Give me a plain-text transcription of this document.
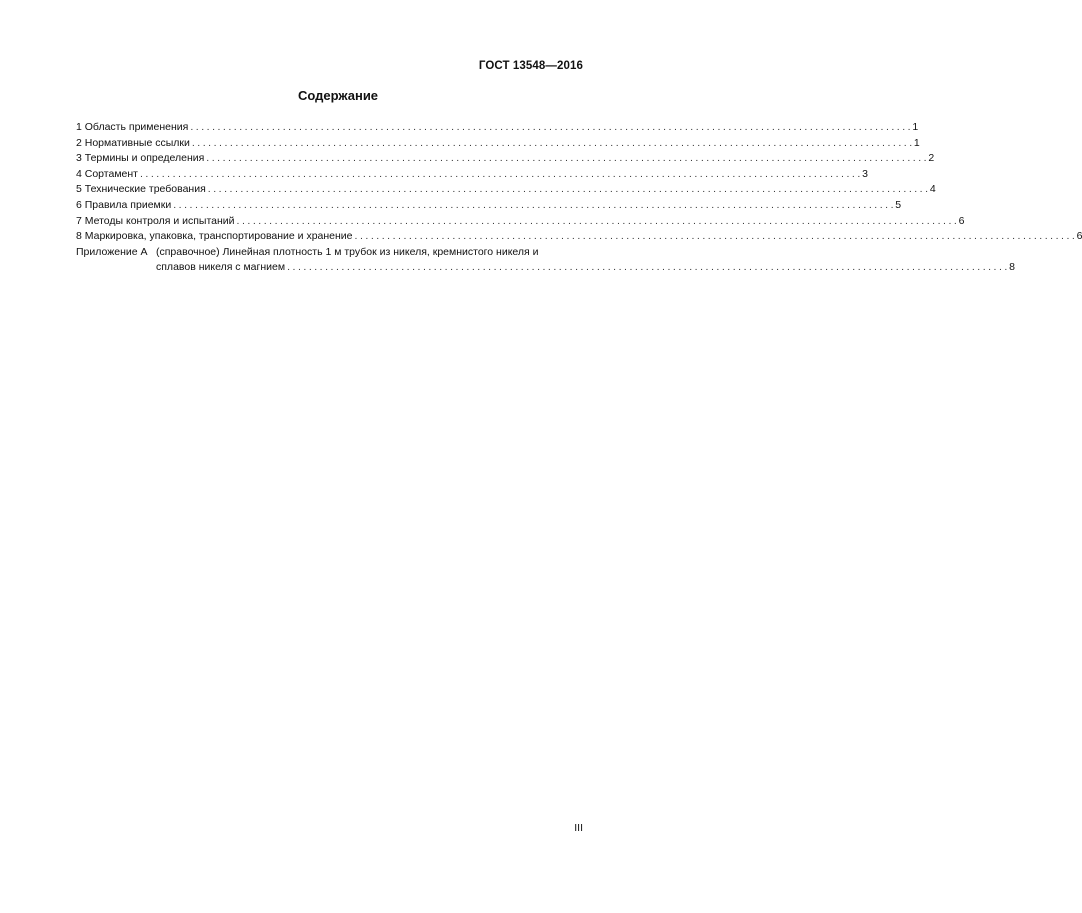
ГОСТ 13548—2016
Содержание
1 Область применения . . .	1
2 Нормативные ссылки . . .	1
3 Термины и определения . . .	2
4 Сортамент . . .	3
5 Технические требования . . .	4
6 Правила приемки . . .	5
7 Методы контроля и испытаний . . .	6
8 Маркировка, упаковка, транспортирование и хранение . . .	6
Приложение А (справочное) Линейная плотность 1 м трубок из никеля, кремнистого никеля и
сплавов никеля с магнием . . .	8
III
